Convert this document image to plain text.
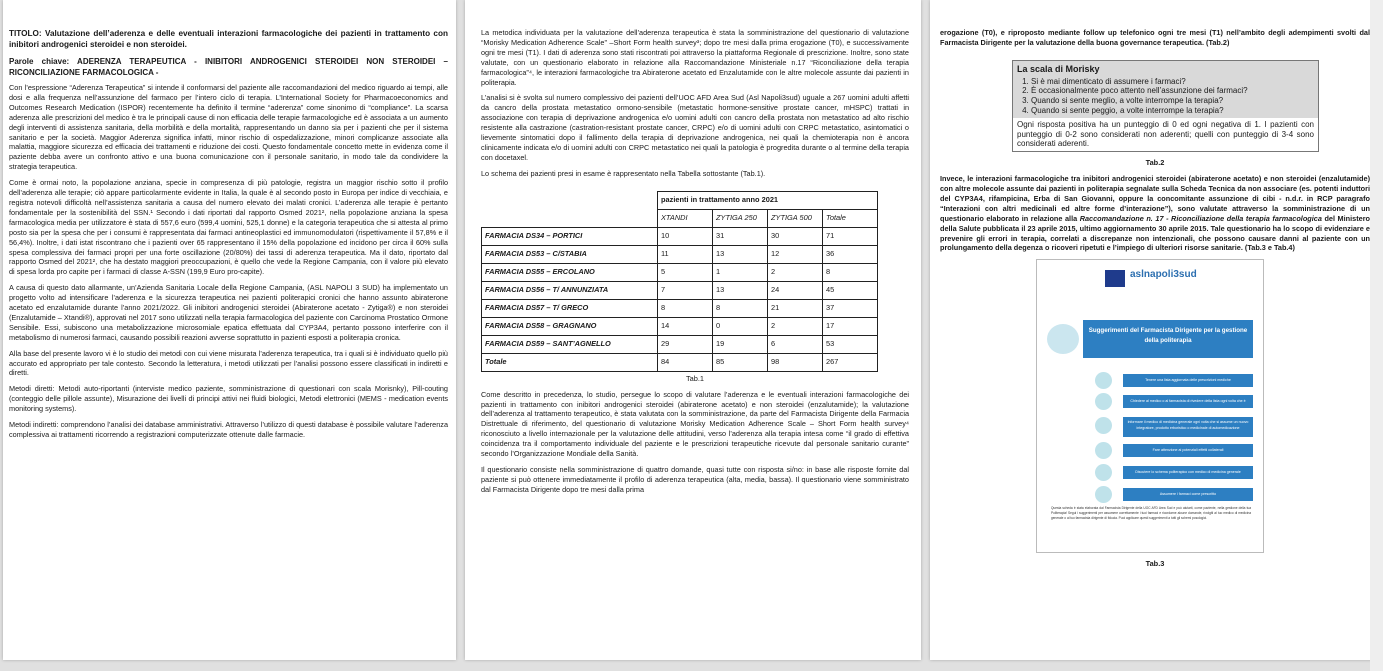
TITOLO: Valutazione dell’aderenza e delle eventuali interazioni farmacologiche dei pazienti in trattamento con inibitori androgenici steroidei e non steroidei.
Parole chiave: ADERENZA TERAPEUTICA - INIBITORI ANDROGENICI STEROIDEI NON STEROIDEI – RICONCILIAZIONE FARMACOLOGICA -

Con l’espressione “Aderenza Terapeutica” si intende il conformarsi del paziente alle raccomandazioni del medico riguardo ai tempi, alle dosi e alla frequenza nell’assunzione del farmaco per l’intero ciclo di terapia. L’International Society for Pharmacoeconomics and Outcomes Research Medication (ISPOR) recentemente ha definito il termine “aderenza” come sinonimo di “compliance”. La scarsa aderenza alle prescrizioni del medico è tra le principali cause di non efficacia delle terapie farmacologiche ed è associata a un aumento degli interventi di assistenza sanitaria, della morbilità e della mortalità, rappresentando un danno sia per i pazienti che per il sistema sanitario e per la società. Maggior Aderenza significa infatti, minor rischio di ospedalizzazione, minori complicanze associate alla malattia, maggiore sicurezza ed efficacia dei trattamenti e riduzione dei costi. Questo fondamentale concetto mette in evidenza come il paziente debba avere un confronto attivo e una buona comunicazione con il personale sanitario, in modo tale da condividere la strategia terapeutica.

Come è ormai noto, la popolazione anziana, specie in compresenza di più patologie, registra un maggior rischio sotto il profilo dell’aderenza alle terapie; ciò appare particolarmente evidente in Italia, la quale è al secondo posto in Europa per indice di vecchiaia, e registra notevoli difficoltà nell’assistenza sanitaria a causa del numero elevato dei malati cronici. L’aderenza alle terapie è pertanto fondamentale per la sostenibilità del SSN.¹ Secondo i dati riportati dal rapporto Osmed 2021², nella popolazione anziana la spesa farmacologica media per utilizzatore è stata di 557,6 euro (599,4 uomini, 525,1 donne) e la categoria terapeutica che si attesta al primo posto sia per la spesa che per i consumi è rappresentata dai farmaci antineoplastici ed immunomodulatori (rispettivamente il 57,8% e il 56,4%). Inoltre, i dati istat riscontrano che i pazienti over 65 rappresentano il 15% della popolazione ed incidono per circa il 60% sulla spesa complessiva dei farmaci propri per una forte oscillazione (20/80%) dei tassi di aderenza terapeutica. Ma il dato, riportato dal rapporto Osmed del 2021², che ha destato maggiori preoccupazioni, è quello che vede la Regione Campania, con il valore più elevato di spesa lorda pro capite per i farmaci di classe A-SSN (199,9 Euro pro-capite).

A causa di questo dato allarmante, un’Azienda Sanitaria Locale della Regione Campania, (ASL NAPOLI 3 SUD) ha implementato un progetto volto ad intensificare l’aderenza e la sicurezza terapeutica nei pazienti politerapici cronici che hanno assunto abiraterone acetato ed enzalutamide durante l’anno 2021/2022. Gli inibitori androgenici steroidei (Abiraterone acetato - Zytiga®) e non steroidei (Enzalutamide – Xtandi®), approvati nel 2017 sono utilizzati nella terapia farmacologica del paziente con Carcinoma Prostatico Ormone Sensibile. Essi, subiscono una metabolizzazione microsomiale epatica effettuata dal CYP3A4, pertanto possono interferire con il metabolismo di numerosi farmaci, causando possibili reazioni avverse soprattutto in pazienti esposti a politerapia cronica.

Alla base del presente lavoro vi è lo studio dei metodi con cui viene misurata l’aderenza terapeutica, tra i quali si è individuato quello più accurato ed appropriato per tale contesto. Secondo la letteratura, i metodi utilizzati per l’analisi possono essere classificati in indiretti e diretti.

Metodi diretti: Metodi auto-riportanti (interviste medico paziente, somministrazione di questionari con scala Morisnky), Pill-couting (conteggio delle pillole assunte), Misurazione dei livelli di principi attivi nei fluidi biologici, Metodi elettronici (MEMS - medication events monitoring systems).

Metodi indiretti: comprendono l’analisi dei database amministrativi. Attraverso l’utilizzo di questi database è possibile valutare l’aderenza complessiva ai trattamenti ricorrendo a registrazioni computerizzate ottenute dalle farmacie.

La metodica individuata per la valutazione dell’aderenza terapeutica è stata la somministrazione del questionario di valutazione “Morisky Medication Adherence Scale” –Short Form health survey³; dopo tre mesi dalla prima erogazione (T0), e successivamente ogni tre mesi (T1). I dati di aderenza sono stati riscontrati poi attraverso la piattaforma Regionale di prescrizione. Inoltre, sono state valutate, con un questionario elaborato in relazione alla Raccomandazione Ministeriale n.17 “Riconciliazione della terapia farmacologica”⁴, le interazioni farmacologiche tra Abiraterone acetato ed Enzalutamide con le altre molecole assunte dai pazienti in politerapia.

L’analisi si è svolta sul numero complessivo dei pazienti dell’UOC AFD Area Sud (Asl Napoli3sud) uguale a 267 uomini adulti affetti da cancro della prostata metastatico ormono-sensibile (metastatic hormone-sensitive prostate cancer, mHSPC) trattati in associazione con terapia di deprivazione androgenica e/o uomini adulti con cancro della prostata non metastatico ad alto rischio resistente alla castrazione (castration-resistant prostate cancer, CRPC) e/o di uomini adulti con CRPC metastatico, asintomatici o lievemente sintomatici dopo il fallimento della terapia di deprivazione androgenica, nei quali la chemioterapia non è ancora clinicamente indicata e/o di uomini adulti con CRPC metastatico nei quali la patologia è progredita durante o al termine della terapia con docetaxel.

Lo schema dei pazienti presi in esame è rappresentato nella Tabella sottostante (Tab.1).

	pazienti in trattamento anno 2021			
	XTANDI	ZYTIGA 250	ZYTIGA 500	Totale
FARMACIA DS34 – PORTICI	10	31	30	71
FARMACIA DS53 – C/STABIA	11	13	12	36
FARMACIA DS55 – ERCOLANO	5	1	2	8
FARMACIA DS56 – T/ ANNUNZIATA	7	13	24	45
FARMACIA DS57 – T/ GRECO	8	8	21	37
FARMACIA DS58 – GRAGNANO	14	0	2	17
FARMACIA DS59 – SANT’AGNELLO	29	19	6	53
Totale	84	85	98	267
Tab.1

Come descritto in precedenza, lo studio, persegue lo scopo di valutare l’aderenza e le eventuali interazioni farmacologiche dei pazienti in trattamento con inibitori androgenici steroidei (abiraterone acetato) e non steroidei (enzalutamide); la valutazione dell’aderenza al trattamento terapeutico, è stata valutata con la somministrazione, da parte del Farmacista Dirigente della Farmacia Distrettuale di riferimento, del questionario di valutazione Morisky Medication Adherence Scale – Short Form health survey⁴ riconosciuto a livello internazionale per la valutazione delle attitudini, verso l’aderenza alla terapia intesa come “il grado di effettiva coincidenza tra il comportamento individuale del paziente e le prescrizioni terapeutiche ricevute dal personale sanitario curante” secondo l’Organizzazione Mondiale della Sanità.

Il questionario consiste nella somministrazione di quattro domande, quasi tutte con risposta si/no: in base alle risposte fornite dal paziente si può ottenere immediatamente il profilo di aderenza terapeutica (alta, media, bassa). Il questionario viene somministrato dal Farmacista Dirigente dopo tre mesi dalla prima

erogazione (T0), e riproposto mediante follow up telefonico ogni tre mesi (T1) nell’ambito degli adempimenti svolti dal Farmacista Dirigente per la valutazione della buona governance terapeutica. (Tab.2)

La scala di Morisky
1. Si è mai dimenticato di assumere i farmaci?
2. È occasionalmente poco attento nell’assunzione dei farmaci?
3. Quando si sente meglio, a volte interrompe la terapia?
4. Quando si sente peggio, a volte interrompe la terapia?
Ogni risposta positiva ha un punteggio di 0 ed ogni negativa di 1. I pazienti con punteggio di 0-2 sono considerati non aderenti; quelli con punteggio di 3-4 sono considerati aderenti.
Tab.2

Invece, le interazioni farmacologiche tra inibitori androgenici steroidei (abiraterone acetato) e non steroidei (enzalutamide) con altre molecole assunte dai pazienti in politerapia segnalate sulla Scheda Tecnica da non associare (es. potenti induttori del CYP3A4, rifampicina, Erba di San Giovanni, oppure la concomitante assunzione di cibi - n.d.r. in RCP paragrafo “Interazioni con altri medicinali ed altre forme d’interazione”), sono valutate attraverso la somministrazione di un questionario elaborato in relazione alla Raccomandazione n. 17 - Riconciliazione della terapia farmacologica del Ministero della Salute pubblicata il 23 aprile 2015, ultimo aggiornamento 30 aprile 2015. Tale questionario ha lo scopo di evidenziare e prevenire gli errori in terapia, correlati a discrepanze non intenzionali, che possono causare danni al paziente con un prolungamento della degenza o ricoveri ripetuti e l’impiego di ulteriori risorse sanitarie. (Tab.3 e Tab.4)

aslnapoli3sud
Suggerimenti del Farmacista Dirigente per la gestione della politerapia
Tenere una lista aggiornata delle prescrizioni mediche
Chiedere al medico o al farmacista di rivedere della lista ogni volta che è aggiunto l'attivo
Informare il medico di medicina generale ogni volta che si assume un nuovo integratore, prodotto erboristico o medicinale di automedicazione
Fare attenzione ai potenziali effetti collaterali
Discutere lo schema politerapico con medico di medicina generale
Assumere i farmaci come prescritto
Questa scheda è stata elaborata dal Farmacista Dirigente della UOC AFD Area Sud e può aiutarti, come paziente, nella gestione della tua Politerapia! Segui i suggerimenti per assumere correttamente i tuoi farmaci e ricordarne alcune domande, rivolgiti al tuo medico di medicina generale o al tuo farmacista dirigente di fiducia. Puoi applicare questi suggerimenti a tutti gli schemi posologici.
Tab.3
